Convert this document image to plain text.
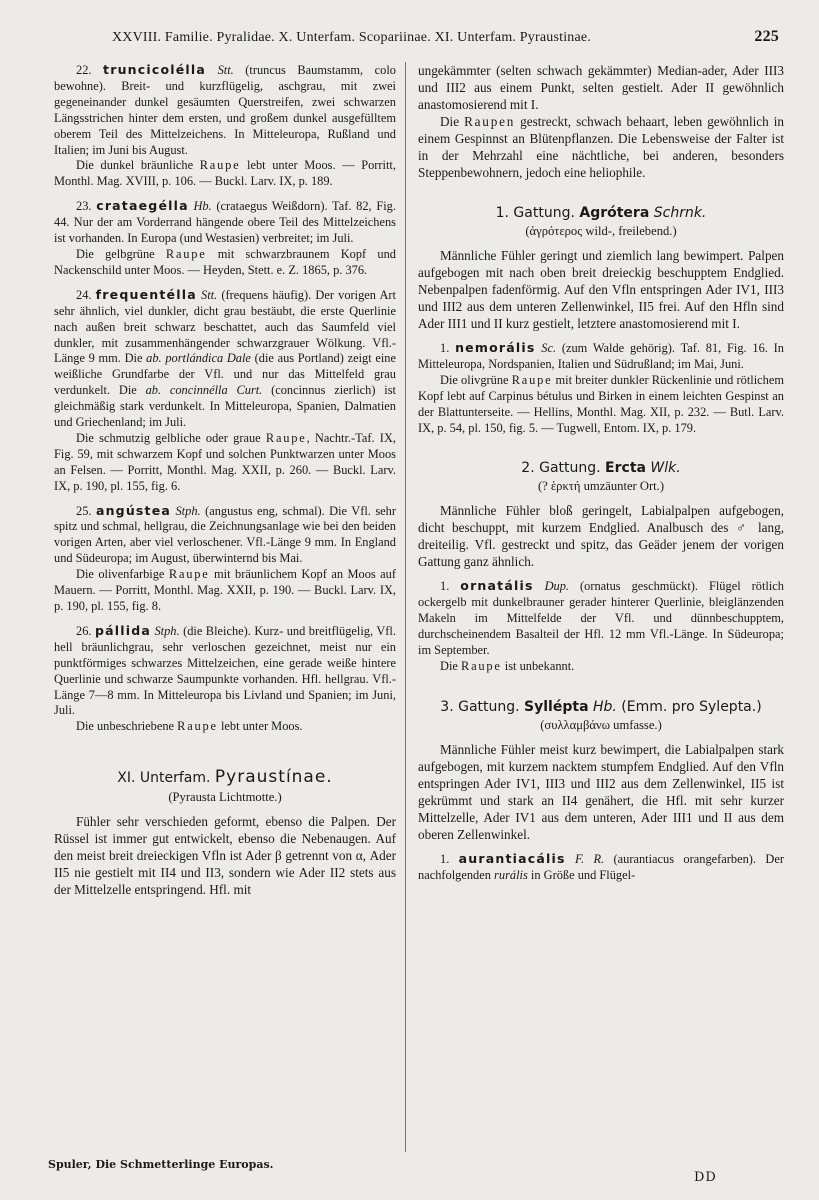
XXVIII. Familie. Pyralidae. X. Unterfam. Scopariinae. XI. Unterfam. Pyraustinae.	225

22. truncicolélla Stt. (truncus Baumstamm, colo bewohne). Breit- und kurzflügelig, aschgrau, mit zwei gegeneinander dunkel gesäumten Querstreifen, zwei schwarzen Längsstrichen hinter dem ersten, und großem dunkel ausgefülltem oberem Teil des Mittelzeichens. In Mitteleuropa, Rußland und Italien; im Juni bis August.

Die dunkel bräunliche Raupe lebt unter Moos. — Porritt, Monthl. Mag. XVIII, p. 106. — Buckl. Larv. IX, p. 189.

23. crataegélla Hb. (crataegus Weißdorn). Taf. 82, Fig. 44. Nur der am Vorderrand hängende obere Teil des Mittelzeichens ist vorhanden. In Europa (und Westasien) verbreitet; im Juli.

Die gelbgrüne Raupe mit schwarzbraunem Kopf und Nackenschild unter Moos. — Heyden, Stett. e. Z. 1865, p. 376.

24. frequentélla Stt. (frequens häufig). Der vorigen Art sehr ähnlich, viel dunkler, dicht grau bestäubt, die erste Querlinie nach außen breit schwarz beschattet, auch das Saumfeld viel dunkler, mit zusammenhängender schwarzgrauer Wölkung. Vfl.-Länge 9 mm. Die ab. portlándica Dale (die aus Portland) zeigt eine weißliche Grundfarbe der Vfl. und nur das Mittelfeld grau verdunkelt. Die ab. concinnélla Curt. (concinnus zierlich) ist gleichmäßig stark verdunkelt. In Mitteleuropa, Spanien, Dalmatien und Griechenland; im Juli.

Die schmutzig gelbliche oder graue Raupe, Nachtr.-Taf. IX, Fig. 59, mit schwarzem Kopf und solchen Punktwarzen unter Moos an Felsen. — Porritt, Monthl. Mag. XXII, p. 260. — Buckl. Larv. IX, p. 190, pl. 155, fig. 6.

25. angústea Stph. (angustus eng, schmal). Die Vfl. sehr spitz und schmal, hellgrau, die Zeichnungsanlage wie bei den beiden vorigen Arten, aber viel verloschener. Vfl.-Länge 9 mm. In England und Südeuropa; im August, überwinternd bis Mai.

Die olivenfarbige Raupe mit bräunlichem Kopf an Moos auf Mauern. — Porritt, Monthl. Mag. XXII, p. 190. — Buckl. Larv. IX, p. 190, pl. 155, fig. 8.

26. pállida Stph. (die Bleiche). Kurz- und breitflügelig, Vfl. hell bräunlichgrau, sehr verloschen gezeichnet, meist nur ein punktförmiges schwarzes Mittelzeichen, eine gerade weiße hintere Querlinie und schwarze Saumpunkte vorhanden. Hfl. hellgrau. Vfl.-Länge 7—8 mm. In Mitteleuropa bis Livland und Spanien; im Juni, Juli.

Die unbeschriebene Raupe lebt unter Moos.

XI. Unterfam. Pyraustínae.

(Pyrausta Lichtmotte.)

Fühler sehr verschieden geformt, ebenso die Palpen. Der Rüssel ist immer gut entwickelt, ebenso die Nebenaugen. Auf den meist breit dreieckigen Vfln ist Ader β getrennt von α, Ader II5 nie gestielt mit II4 und II3, sondern wie Ader II2 stets aus der Mittelzelle entspringend. Hfl. mit

ungekämmter (selten schwach gekämmter) Median-ader, Ader III3 und III2 aus einem Punkt, selten gestielt. Ader II gewöhnlich anastomosierend mit I.

Die Raupen gestreckt, schwach behaart, leben gewöhnlich in einem Gespinnst an Blütenpflanzen. Die Lebensweise der Falter ist in der Mehrzahl eine nächtliche, bei anderen, besonders Steppenbewohnern, jedoch eine heliophile.

1. Gattung. Agrótera Schrnk.

(ἀγρότερος wild-, freilebend.)

Männliche Fühler geringt und ziemlich lang bewimpert. Palpen aufgebogen mit nach oben breit dreieckig beschupptem Endglied. Nebenpalpen fadenförmig. Auf den Vfln entspringen Ader IV1, III3 und III2 aus dem unteren Zellenwinkel, II5 frei. Auf den Hfln sind Ader III1 und II kurz gestielt, letztere anastomosierend mit I.

1. nemorális Sc. (zum Walde gehörig). Taf. 81, Fig. 16. In Mitteleuropa, Nordspanien, Italien und Südrußland; im Mai, Juni.

Die olivgrüne Raupe mit breiter dunkler Rückenlinie und rötlichem Kopf lebt auf Carpinus bétulus und Birken in einem leichten Gespinst an der Blattunterseite. — Hellins, Monthl. Mag. XII, p. 232. — Butl. Larv. IX, p. 54, pl. 150, fig. 5. — Tugwell, Entom. IX, p. 179.

2. Gattung. Ercta Wlk.

(? ἑρκτή umzäunter Ort.)

Männliche Fühler bloß geringelt, Labialpalpen aufgebogen, dicht beschuppt, mit kurzem Endglied. Analbusch des ♂ lang, dreiteilig. Vfl. gestreckt und spitz, das Geäder jenem der vorigen Gattung ganz ähnlich.

1. ornatális Dup. (ornatus geschmückt). Flügel rötlich ockergelb mit dunkelbrauner gerader hinterer Querlinie, bleiglänzenden Makeln im Mittelfelde der Vfl. und dünnbeschupptem, durchscheinendem Basalteil der Hfl. 12 mm Vfl.-Länge. In Südeuropa; im September.

Die Raupe ist unbekannt.

3. Gattung. Syllépta Hb. (Emm. pro Sylepta.)

(συλλαμβάνω umfasse.)

Männliche Fühler meist kurz bewimpert, die Labialpalpen stark aufgebogen, mit kurzem nacktem stumpfem Endglied. Auf den Vfln entspringen Ader IV1, III3 und III2 aus dem Zellenwinkel, II5 ist gekrümmt und stark an II4 genähert, die Hfl. mit sehr kurzer Mittelzelle, Ader IV1 aus dem unteren, Ader III1 und II aus dem oberen Zellenwinkel.

1. aurantiacális F. R. (aurantiacus orangefarben). Der nachfolgenden rurális in Größe und Flügel-

Spuler, Die Schmetterlinge Europas.
DD
